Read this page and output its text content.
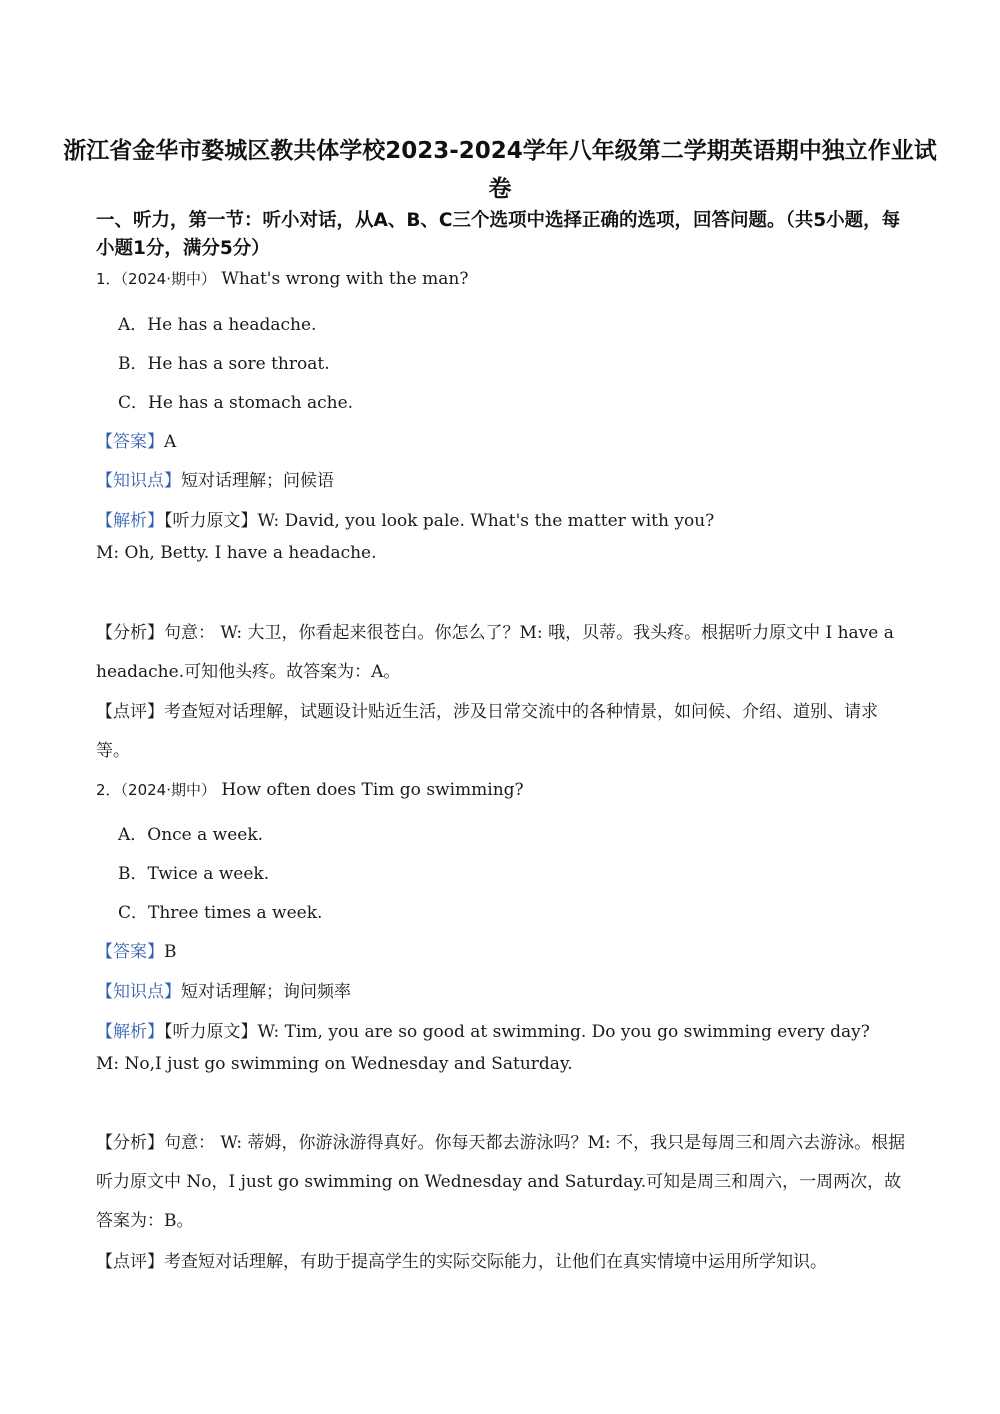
浙江省金华市婺城区教共体学校2023-2024学年八年级第二学期英语期中独立作业试卷
一、听力，第一节：听小对话，从A、B、C三个选项中选择正确的选项，回答问题。（共5小题，每小题1分，满分5分）
1．（2024·期中） What's wrong with the man?
A．He has a headache.
B．He has a sore throat.
C．He has a stomach ache.
【答案】A
【知识点】短对话理解；问候语
【解析】【听力原文】W: David, you look pale. What's the matter with you?
M: Oh, Betty. I have a headache.
【分析】句意： W: 大卫，你看起来很苍白。你怎么了？M: 哦，贝蒂。我头疼。根据听力原文中 I have a headache.可知他头疼。故答案为：A。
【点评】考查短对话理解，试题设计贴近生活，涉及日常交流中的各种情景，如问候、介绍、道别、请求等。
2．（2024·期中） How often does Tim go swimming?
A．Once a week.
B．Twice a week.
C．Three times a week.
【答案】B
【知识点】短对话理解；询问频率
【解析】【听力原文】W: Tim, you are so good at swimming. Do you go swimming every day?
M: No,I just go swimming on Wednesday and Saturday.
【分析】句意： W: 蒂姆，你游泳游得真好。你每天都去游泳吗？M: 不，我只是每周三和周六去游泳。根据听力原文中 No，I just go swimming on Wednesday and Saturday.可知是周三和周六，一周两次，故答案为：B。
【点评】考查短对话理解，有助于提高学生的实际交际能力，让他们在真实情境中运用所学知识。
